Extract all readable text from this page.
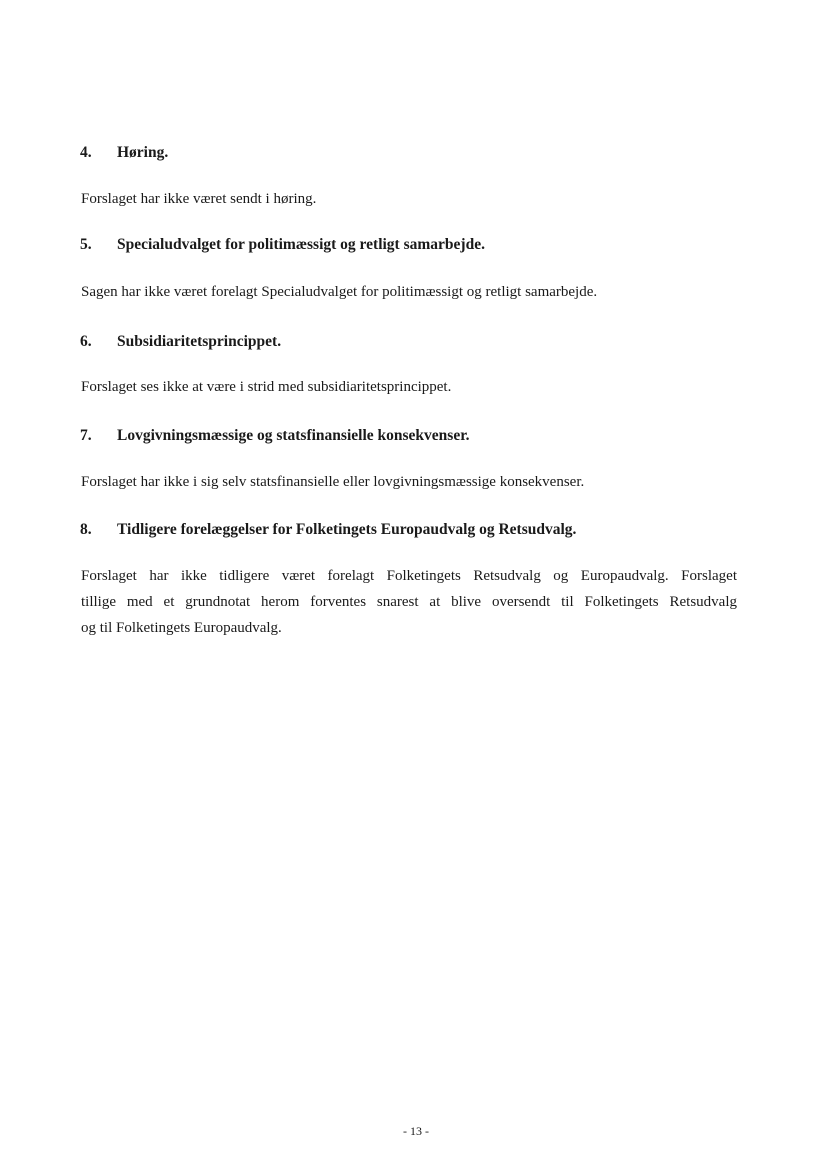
4. Høring.
Forslaget har ikke været sendt i høring.
5. Specialudvalget for politimæssigt og retligt samarbejde.
Sagen har ikke været forelagt Specialudvalget for politimæssigt og retligt samarbejde.
6. Subsidiaritetsprincippet.
Forslaget ses ikke at være i strid med subsidiaritetsprincippet.
7. Lovgivningsmæssige og statsfinansielle konsekvenser.
Forslaget har ikke i sig selv statsfinansielle eller lovgivningsmæssige konsekvenser.
8. Tidligere forelæggelser for Folketingets Europaudvalg og Retsudvalg.
Forslaget har ikke tidligere været forelagt Folketingets Retsudvalg og Europaudvalg. Forslaget
tillige med et grundnotat herom forventes snarest at blive oversendt til Folketingets Retsudvalg
og til Folketingets Europaudvalg.
- 13 -
